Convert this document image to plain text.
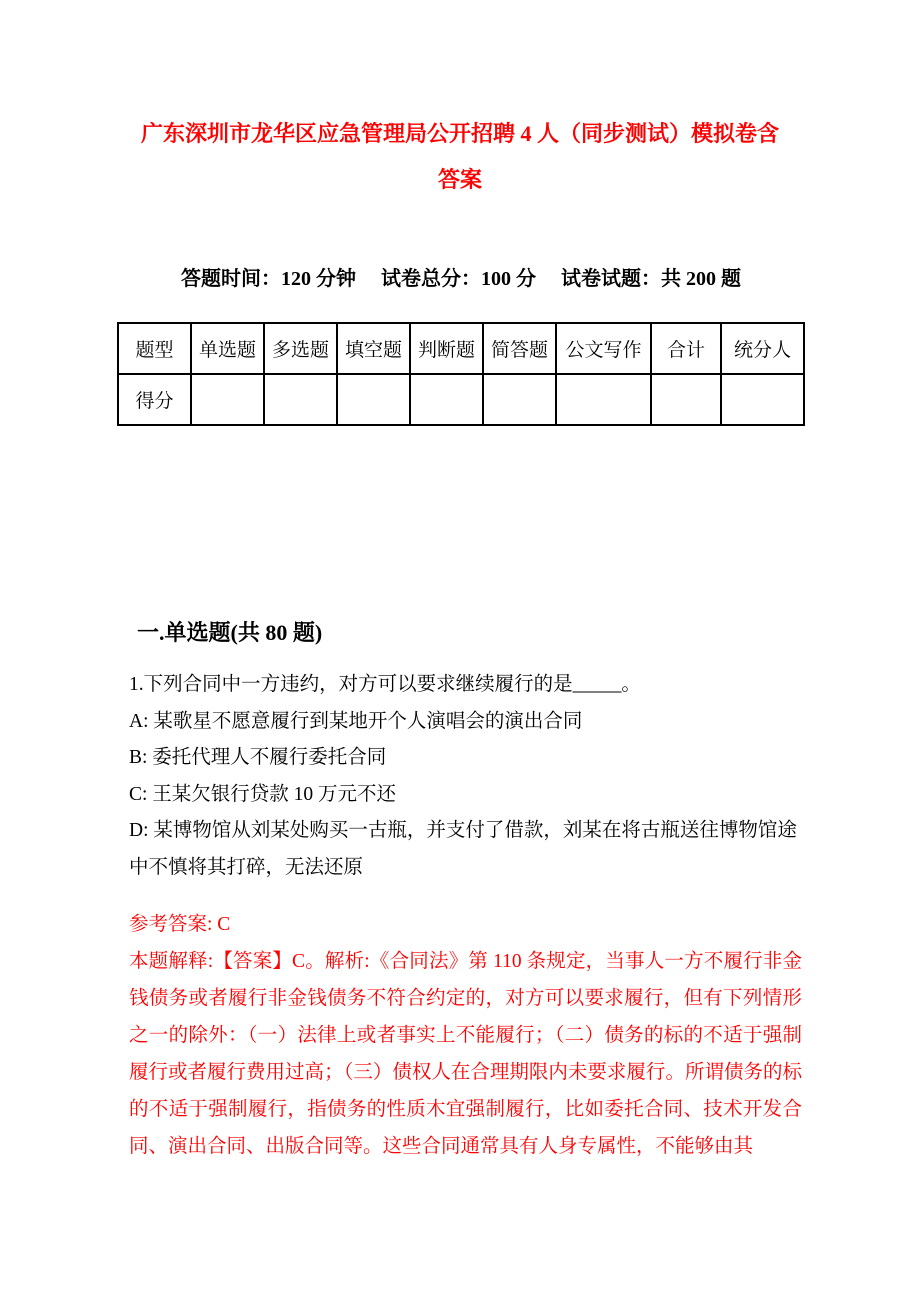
广东深圳市龙华区应急管理局公开招聘 4 人（同步测试）模拟卷含答案
答题时间：120 分钟 试卷总分：100 分 试卷试题：共 200 题
题型	单选题	多选题	填空题	判断题	简答题	公文写作	合计	统分人
得分								
一.单选题(共 80 题)

1.下列合同中一方违约，对方可以要求继续履行的是_____。

A: 某歌星不愿意履行到某地开个人演唱会的演出合同

B: 委托代理人不履行委托合同

C: 王某欠银行贷款 10 万元不还

D: 某博物馆从刘某处购买一古瓶，并支付了借款，刘某在将古瓶送往博物馆途中不慎将其打碎，无法还原

参考答案: C
本题解释:【答案】C。解析:《合同法》第 110 条规定，当事人一方不履行非金钱债务或者履行非金钱债务不符合约定的，对方可以要求履行，但有下列情形之一的除外：（一）法律上或者事实上不能履行；（二）债务的标的不适于强制履行或者履行费用过高；（三）债权人在合理期限内未要求履行。所谓债务的标的不适于强制履行，指债务的性质木宜强制履行，比如委托合同、技术开发合同、演出合同、出版合同等。这些合同通常具有人身专属性，不能够由其
